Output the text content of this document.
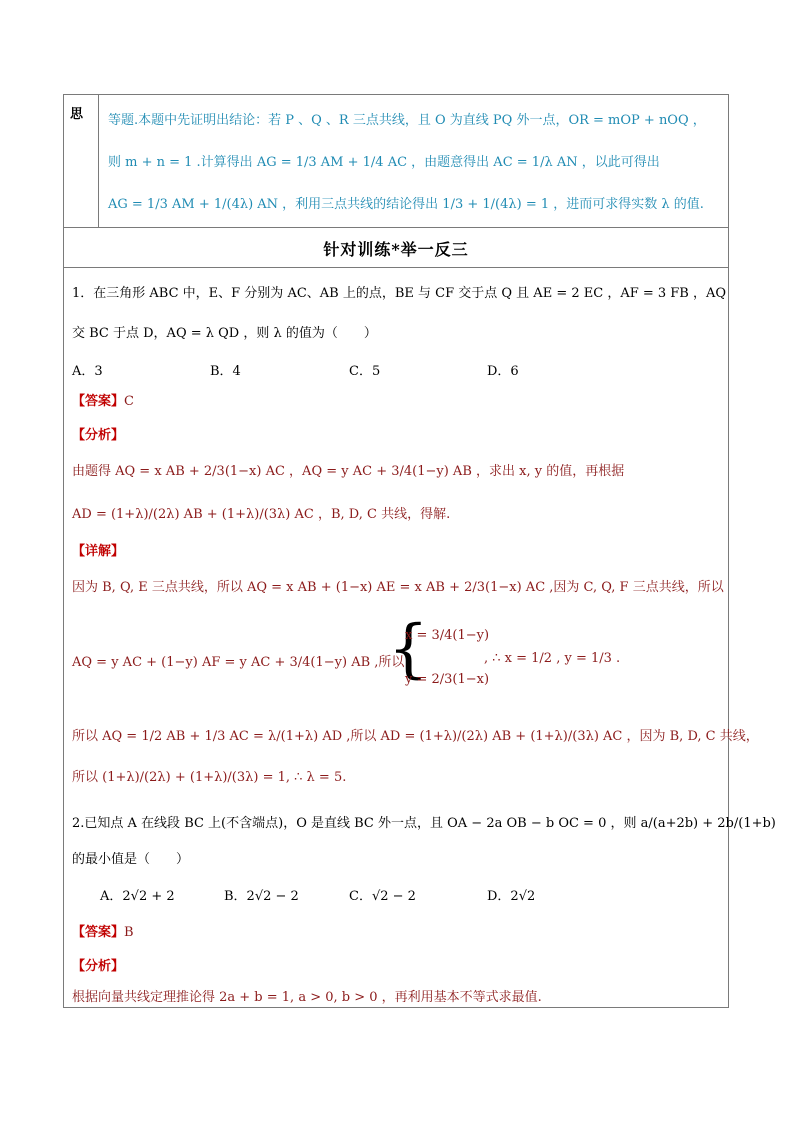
思 等题.本题中先证明出结论：若 P 、Q 、R 三点共线，且 O 为直线 PQ 外一点，OR = mOP + nOQ ，
则 m + n = 1 .计算得出 AG = 1/3 AM + 1/4 AC ，由题意得出 AC = 1/λ AN ，以此可得出
AG = 1/3 AM + 1/(4λ) AN ，利用三点共线的结论得出 1/3 + 1/(4λ) = 1 ，进而可求得实数 λ 的值.
针对训练*举一反三
1．在三角形 ABC 中，E、F 分别为 AC、AB 上的点，BE 与 CF 交于点 Q 且 AE = 2 EC ，AF = 3 FB ，AQ
交 BC 于点 D，AQ = λ QD ，则 λ 的值为（　　）
A．3	B．4	C．5	D．6
【答案】C
【分析】
由题得 AQ = x AB + 2/3(1−x) AC ，AQ = y AC + 3/4(1−y) AB ，求出 x, y 的值，再根据
AD = (1+λ)/(2λ) AB + (1+λ)/(3λ) AC ，B, D, C 共线，得解.
【详解】
因为 B, Q, E 三点共线，所以 AQ = x AB + (1−x) AE = x AB + 2/3(1−x) AC ,因为 C, Q, F 三点共线，所以
AQ = y AC + (1−y) AF = y AC + 3/4(1−y) AB ,所以
{
x = 3/4(1−y)
y = 2/3(1−x)
, ∴ x = 1/2 , y = 1/3 .
所以 AQ = 1/2 AB + 1/3 AC = λ/(1+λ) AD ,所以 AD = (1+λ)/(2λ) AB + (1+λ)/(3λ) AC ，因为 B, D, C 共线，
所以 (1+λ)/(2λ) + (1+λ)/(3λ) = 1, ∴ λ = 5.
2.已知点 A 在线段 BC 上(不含端点)，O 是直线 BC 外一点，且 OA − 2a OB − b OC = 0 ，则 a/(a+2b) + 2b/(1+b)
的最小值是（　　）
A．2√2 + 2	B．2√2 − 2	C．√2 − 2	D．2√2
【答案】B
【分析】
根据向量共线定理推论得 2a + b = 1, a > 0, b > 0 ，再利用基本不等式求最值.
